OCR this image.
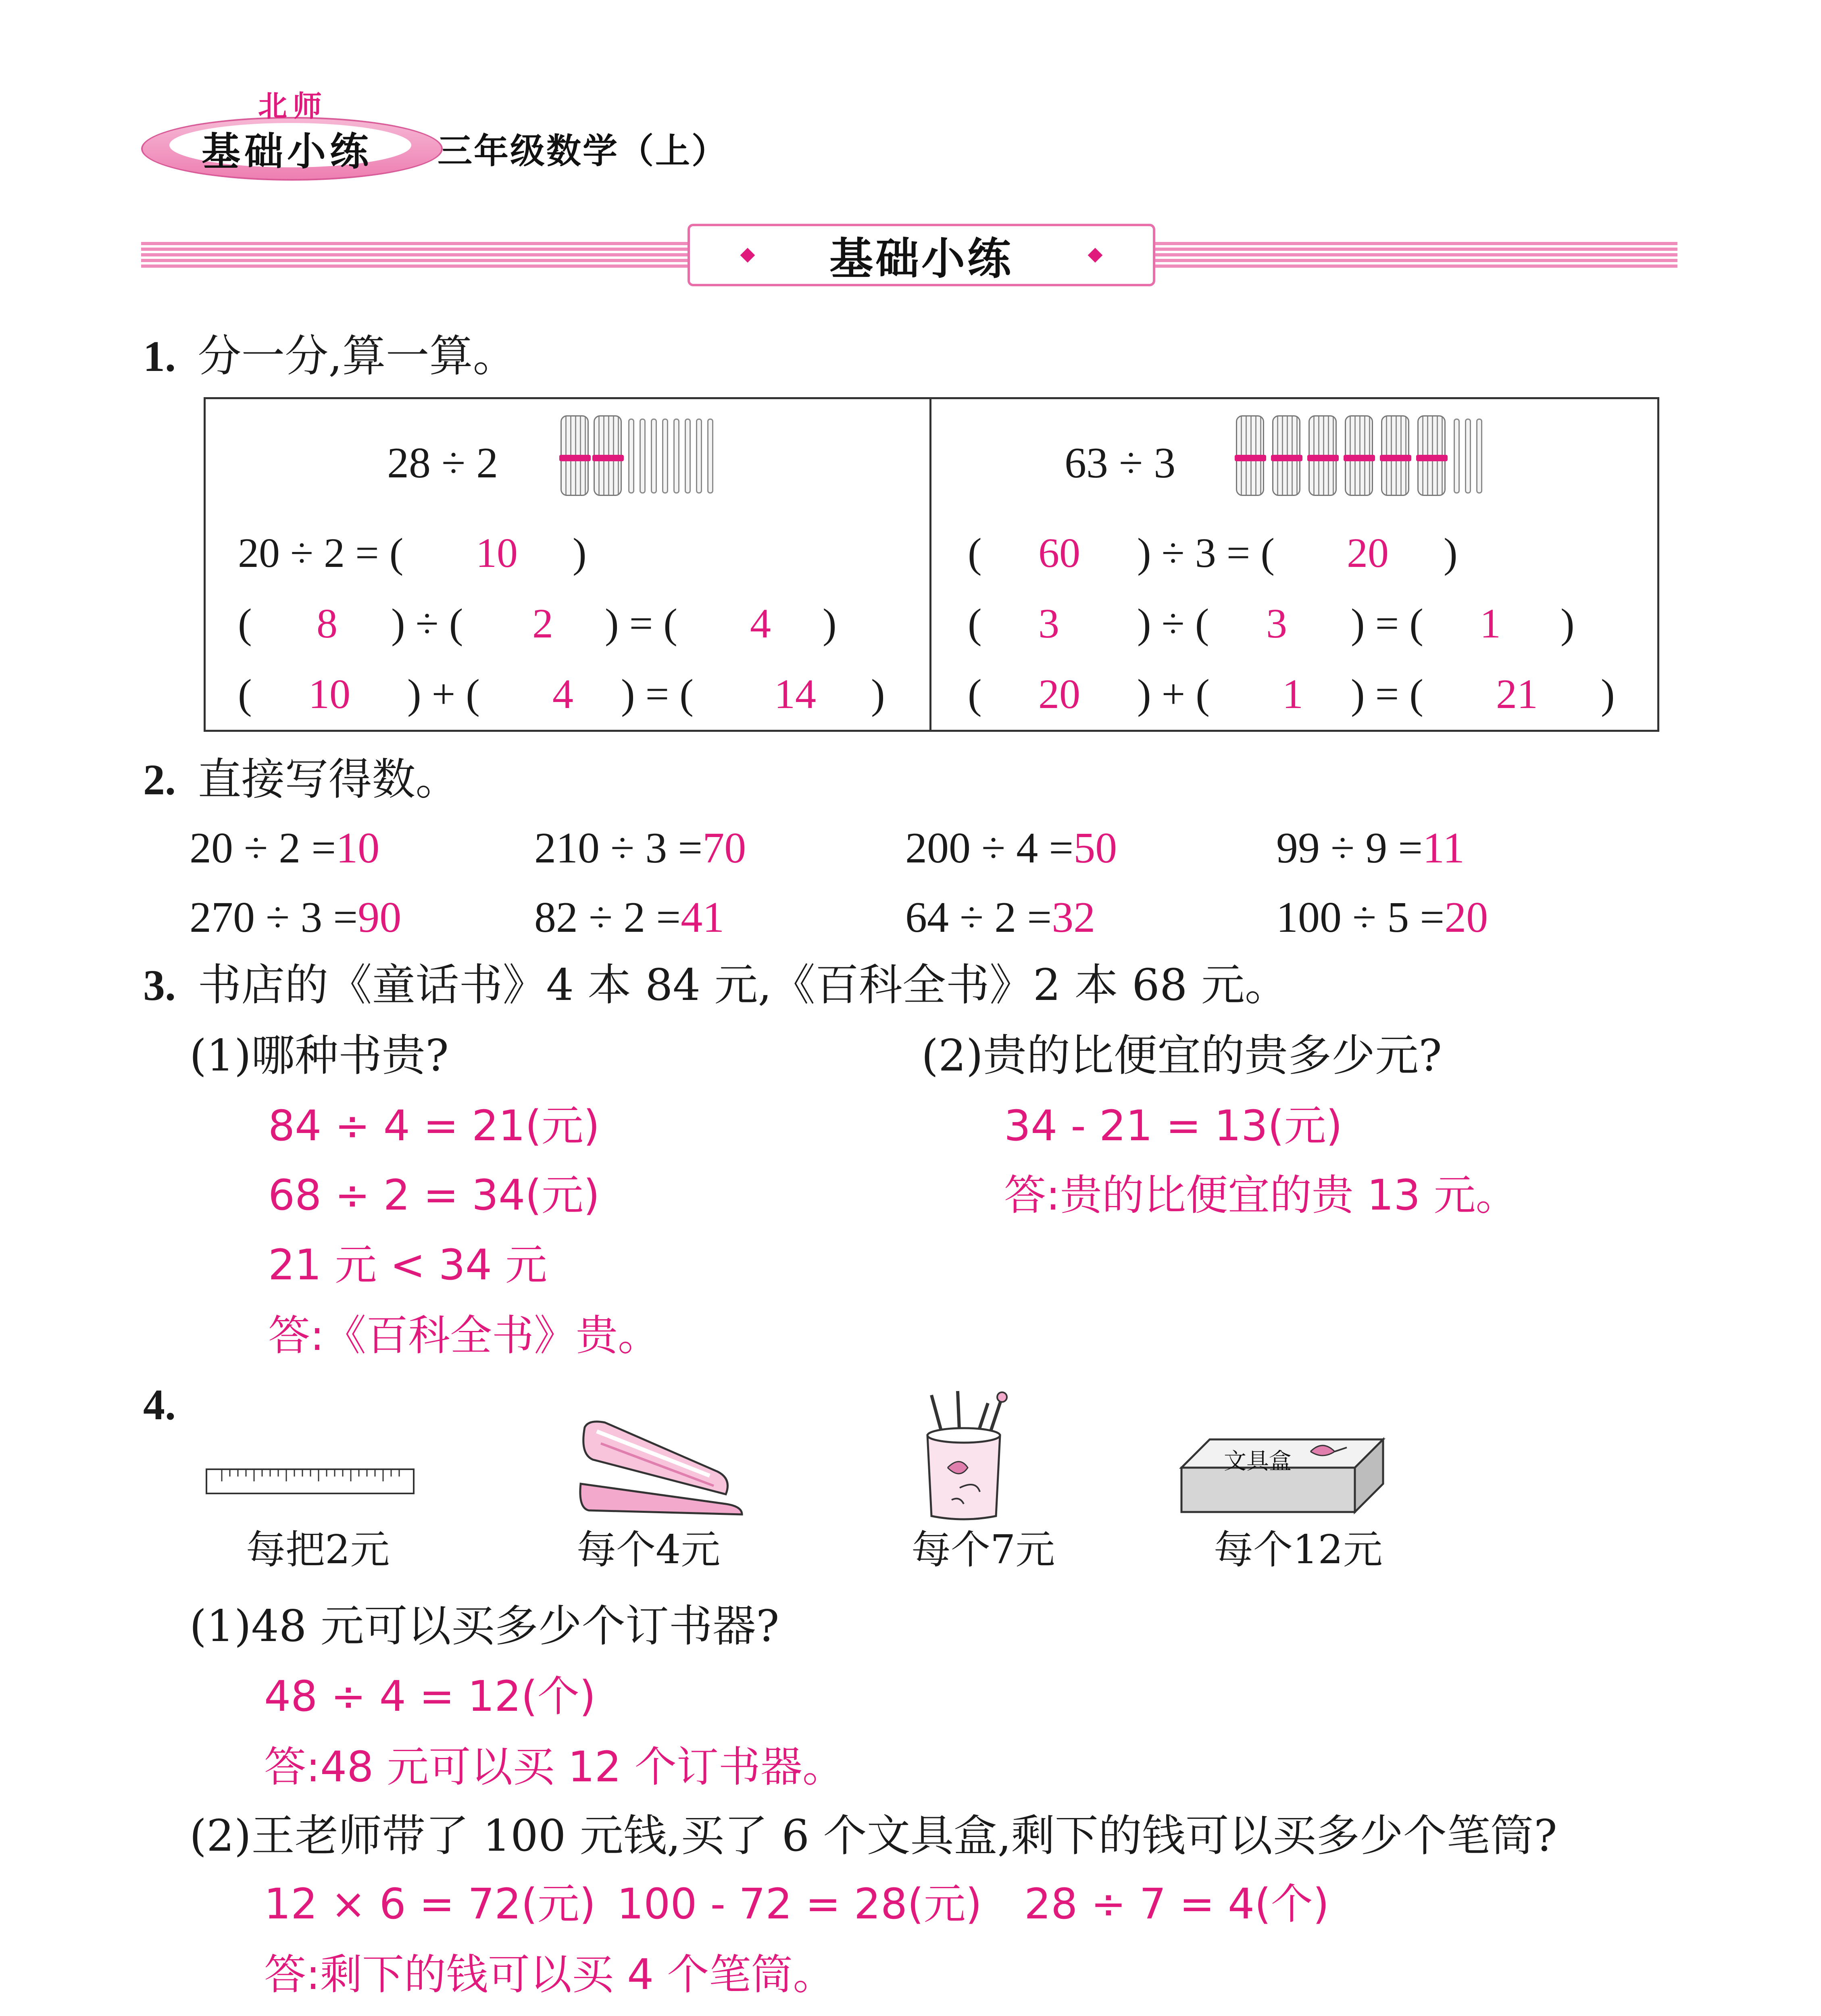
北师
基础小练 三年级数学（上）
基础小练
1. 分一分,算一算。
28 ÷ 2
20 ÷ 2 = ( 10 )
( 8 ) ÷ ( 2 ) = ( 4 )
( 10 ) + ( 4 ) = ( 14 )
63 ÷ 3
( 60 ) ÷ 3 = ( 20 )
( 3 ) ÷ ( 3 ) = ( 1 )
( 20 ) + ( 1 ) = ( 21 )
2. 直接写得数。
20 ÷ 2 =10	210 ÷ 3 =70	200 ÷ 4 =50	99 ÷ 9 =11
270 ÷ 3 =90	82 ÷ 2 =41	64 ÷ 2 =32	100 ÷ 5 =20
3. 书店的《童话书》4 本 84 元,《百科全书》2 本 68 元。
(1)哪种书贵?	(2)贵的比便宜的贵多少元?
84 ÷ 4 = 21(元)
68 ÷ 2 = 34(元)
21 元 < 34 元
答:《百科全书》贵。
34 - 21 = 13(元)
答:贵的比便宜的贵 13 元。
4.
文具盒
每把2元	每个4元	每个7元	每个12元
(1)48 元可以买多少个订书器?
48 ÷ 4 = 12(个)
答:48 元可以买 12 个订书器。
(2)王老师带了 100 元钱,买了 6 个文具盒,剩下的钱可以买多少个笔筒?
12 × 6 = 72(元) 100 - 72 = 28(元) 28 ÷ 7 = 4(个)
答:剩下的钱可以买 4 个笔筒。
